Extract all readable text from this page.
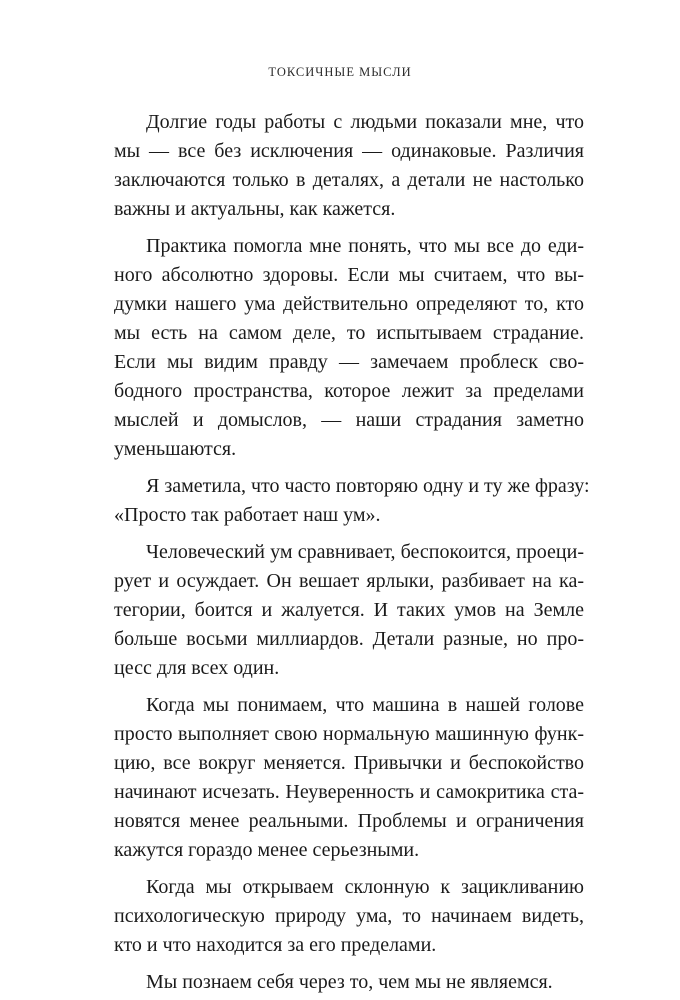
ТОКСИЧНЫЕ МЫСЛИ
Долгие годы работы с людьми показали мне, что
мы — все без исключения — одинаковые. Различия
заключаются только в деталях, а детали не настолько
важны и актуальны, как кажется.
Практика помогла мне понять, что мы все до еди-
ного абсолютно здоровы. Если мы считаем, что вы-
думки нашего ума действительно определяют то, кто
мы есть на самом деле, то испытываем страдание.
Если мы видим правду — замечаем проблеск сво-
бодного пространства, которое лежит за пределами
мыслей и домыслов, — наши страдания заметно
уменьшаются.
Я заметила, что часто повторяю одну и ту же фразу:
«Просто так работает наш ум».
Человеческий ум сравнивает, беспокоится, проеци-
рует и осуждает. Он вешает ярлыки, разбивает на ка-
тегории, боится и жалуется. И таких умов на Земле
больше восьми миллиардов. Детали разные, но про-
цесс для всех один.
Когда мы понимаем, что машина в нашей голове
просто выполняет свою нормальную машинную функ-
цию, все вокруг меняется. Привычки и беспокойство
начинают исчезать. Неуверенность и самокритика ста-
новятся менее реальными. Проблемы и ограничения
кажутся гораздо менее серьезными.
Когда мы открываем склонную к зацикливанию
психологическую природу ума, то начинаем видеть,
кто и что находится за его пределами.
Мы познаем себя через то, чем мы не являемся.
